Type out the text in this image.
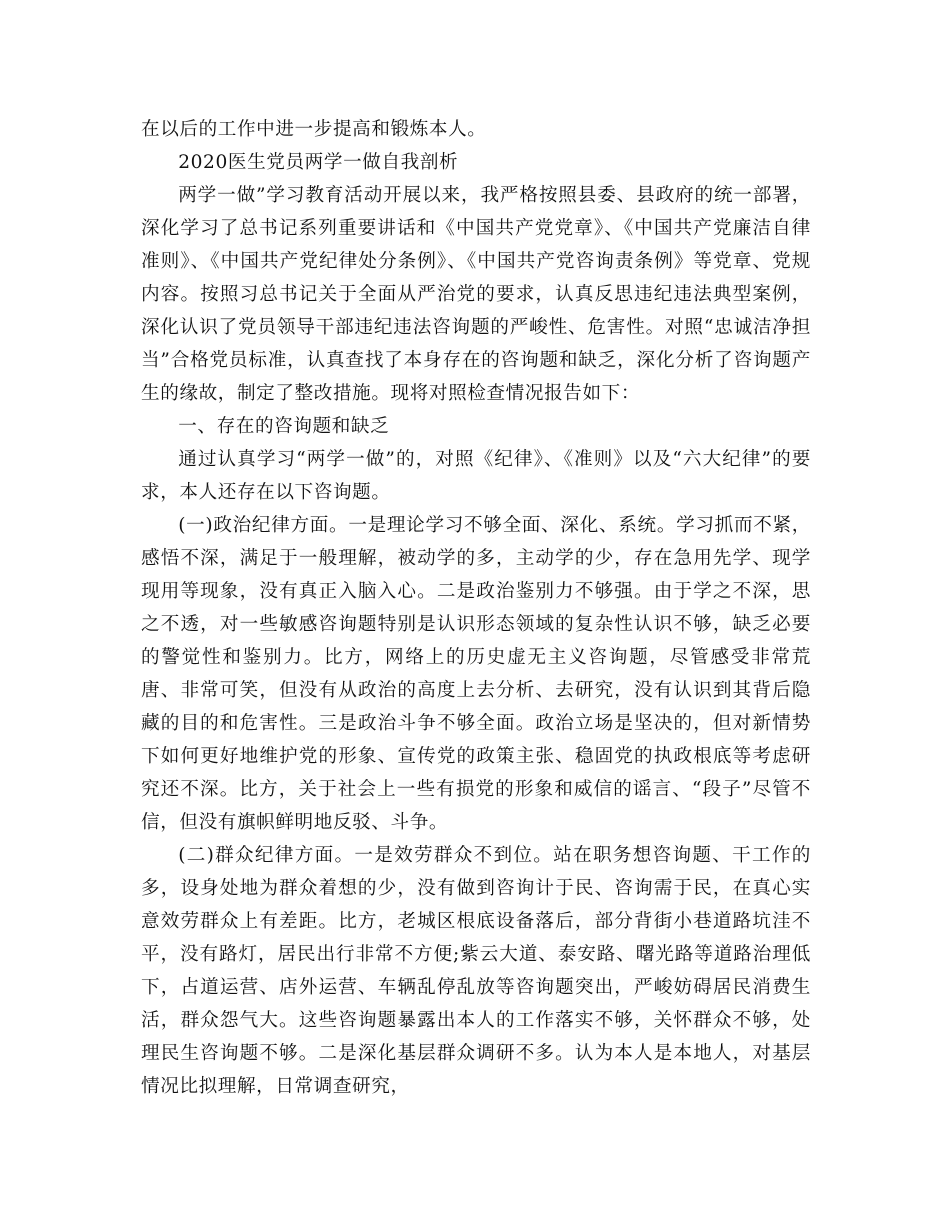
在以后的工作中进一步提高和锻炼本人。

2020医生党员两学一做自我剖析

两学一做”学习教育活动开展以来，我严格按照县委、县政府的统一部署，深化学习了总书记系列重要讲话和《中国共产党党章》、《中国共产党廉洁自律准则》、《中国共产党纪律处分条例》、《中国共产党咨询责条例》等党章、党规内容。按照习总书记关于全面从严治党的要求，认真反思违纪违法典型案例，深化认识了党员领导干部违纪违法咨询题的严峻性、危害性。对照“忠诚洁净担当”合格党员标准，认真查找了本身存在的咨询题和缺乏，深化分析了咨询题产生的缘故，制定了整改措施。现将对照检查情况报告如下：

一、存在的咨询题和缺乏

通过认真学习“两学一做”的，对照《纪律》、《准则》以及“六大纪律”的要求，本人还存在以下咨询题。

(一)政治纪律方面。一是理论学习不够全面、深化、系统。学习抓而不紧，感悟不深，满足于一般理解，被动学的多，主动学的少，存在急用先学、现学现用等现象，没有真正入脑入心。二是政治鉴别力不够强。由于学之不深，思之不透，对一些敏感咨询题特别是认识形态领域的复杂性认识不够，缺乏必要的警觉性和鉴别力。比方，网络上的历史虚无主义咨询题，尽管感受非常荒唐、非常可笑，但没有从政治的高度上去分析、去研究，没有认识到其背后隐藏的目的和危害性。三是政治斗争不够全面。政治立场是坚决的，但对新情势下如何更好地维护党的形象、宣传党的政策主张、稳固党的执政根底等考虑研究还不深。比方，关于社会上一些有损党的形象和威信的谣言、“段子”尽管不信，但没有旗帜鲜明地反驳、斗争。

(二)群众纪律方面。一是效劳群众不到位。站在职务想咨询题、干工作的多，设身处地为群众着想的少，没有做到咨询计于民、咨询需于民，在真心实意效劳群众上有差距。比方，老城区根底设备落后，部分背街小巷道路坑洼不平，没有路灯，居民出行非常不方便;紫云大道、泰安路、曙光路等道路治理低下，占道运营、店外运营、车辆乱停乱放等咨询题突出，严峻妨碍居民消费生活，群众怨气大。这些咨询题暴露出本人的工作落实不够，关怀群众不够，处理民生咨询题不够。二是深化基层群众调研不多。认为本人是本地人，对基层情况比拟理解，日常调查研究，
